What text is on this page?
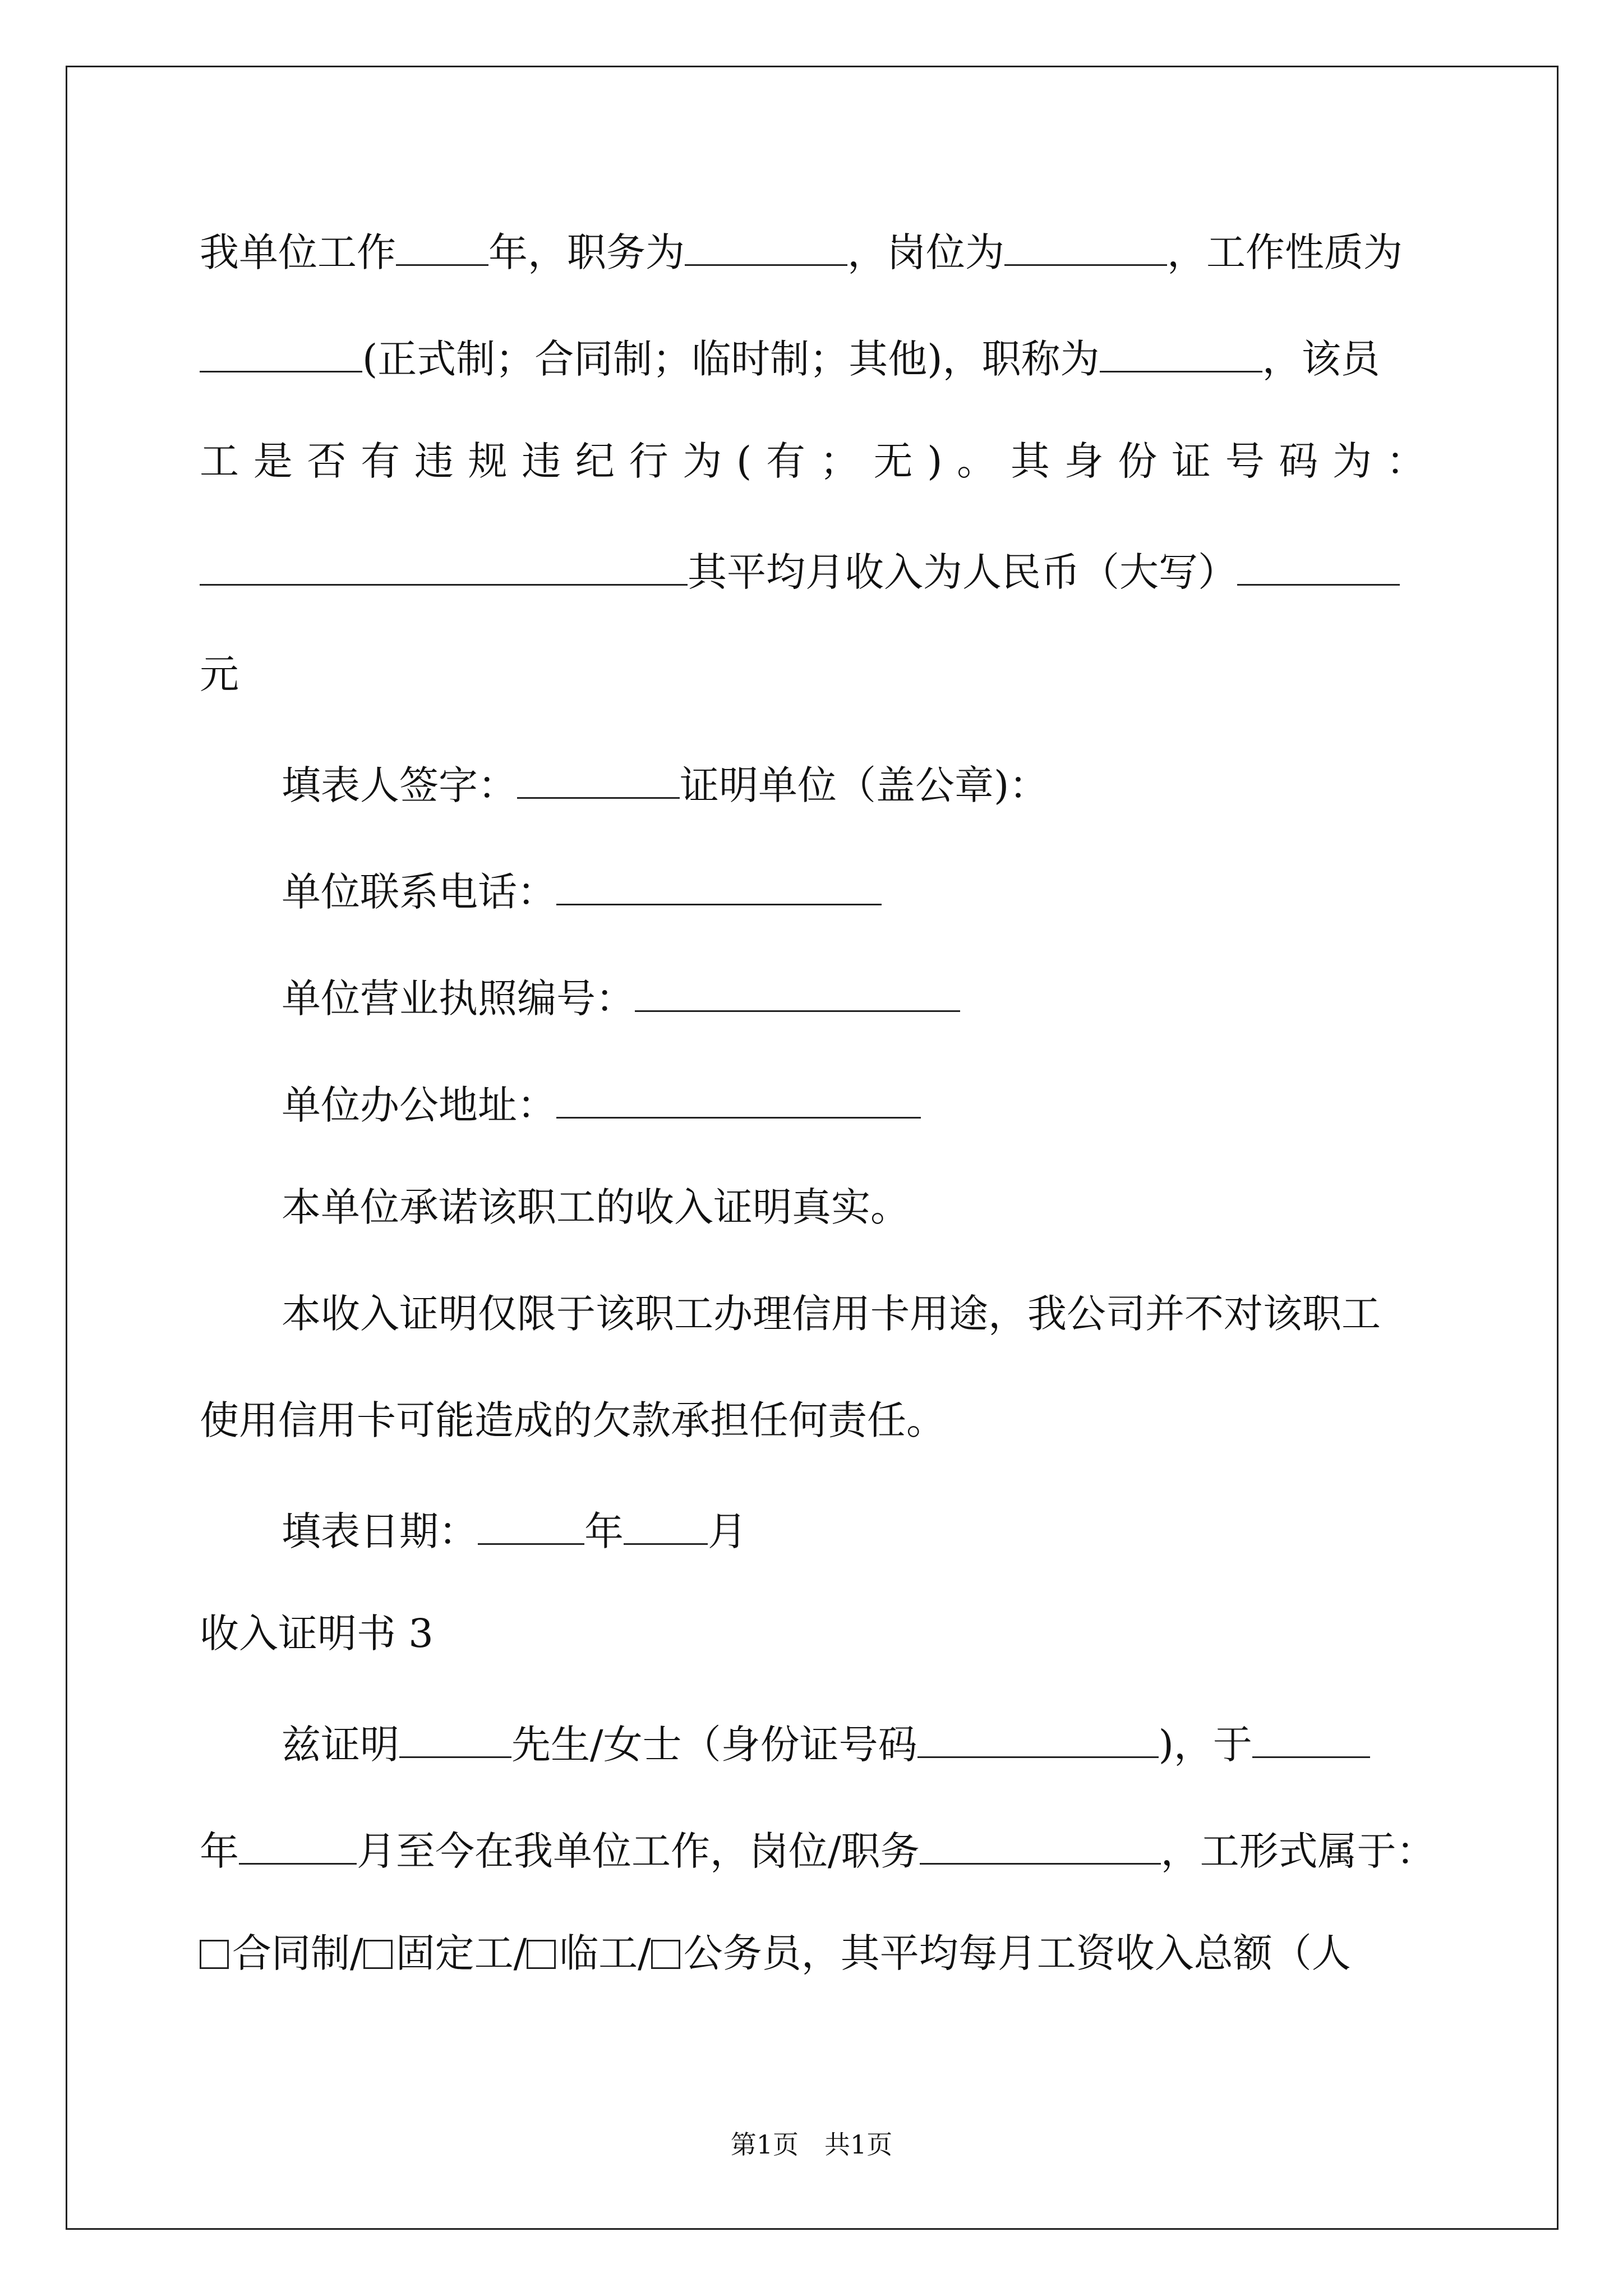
我单位工作 年，职务为	，岗位为	，工作性质为
(正式制；合同制；临时制；其他)，职称为	，该员
工 是 否 有 违 规 违 纪 行 为 ( 有 ； 无 ) 。 其 身 份 证 号 码 为 ：
其平均月收入为人民币（大写）
元
填表人签字：	证明单位（盖公章)：
单位联系电话：
单位营业执照编号：
单位办公地址：
本单位承诺该职工的收入证明真实。
本收入证明仅限于该职工办理信用卡用途，我公司并不对该职工
使用信用卡可能造成的欠款承担任何责任。
填表日期：	年 月
收入证明书 3
兹证明	先生/女士（身份证号码	)，于
年	月至今在我单位工作，岗位/职务	，工形式属于：
合同制/ 固定工/ 临工/ 公务员，其平均每月工资收入总额（人
第1页　共1页
